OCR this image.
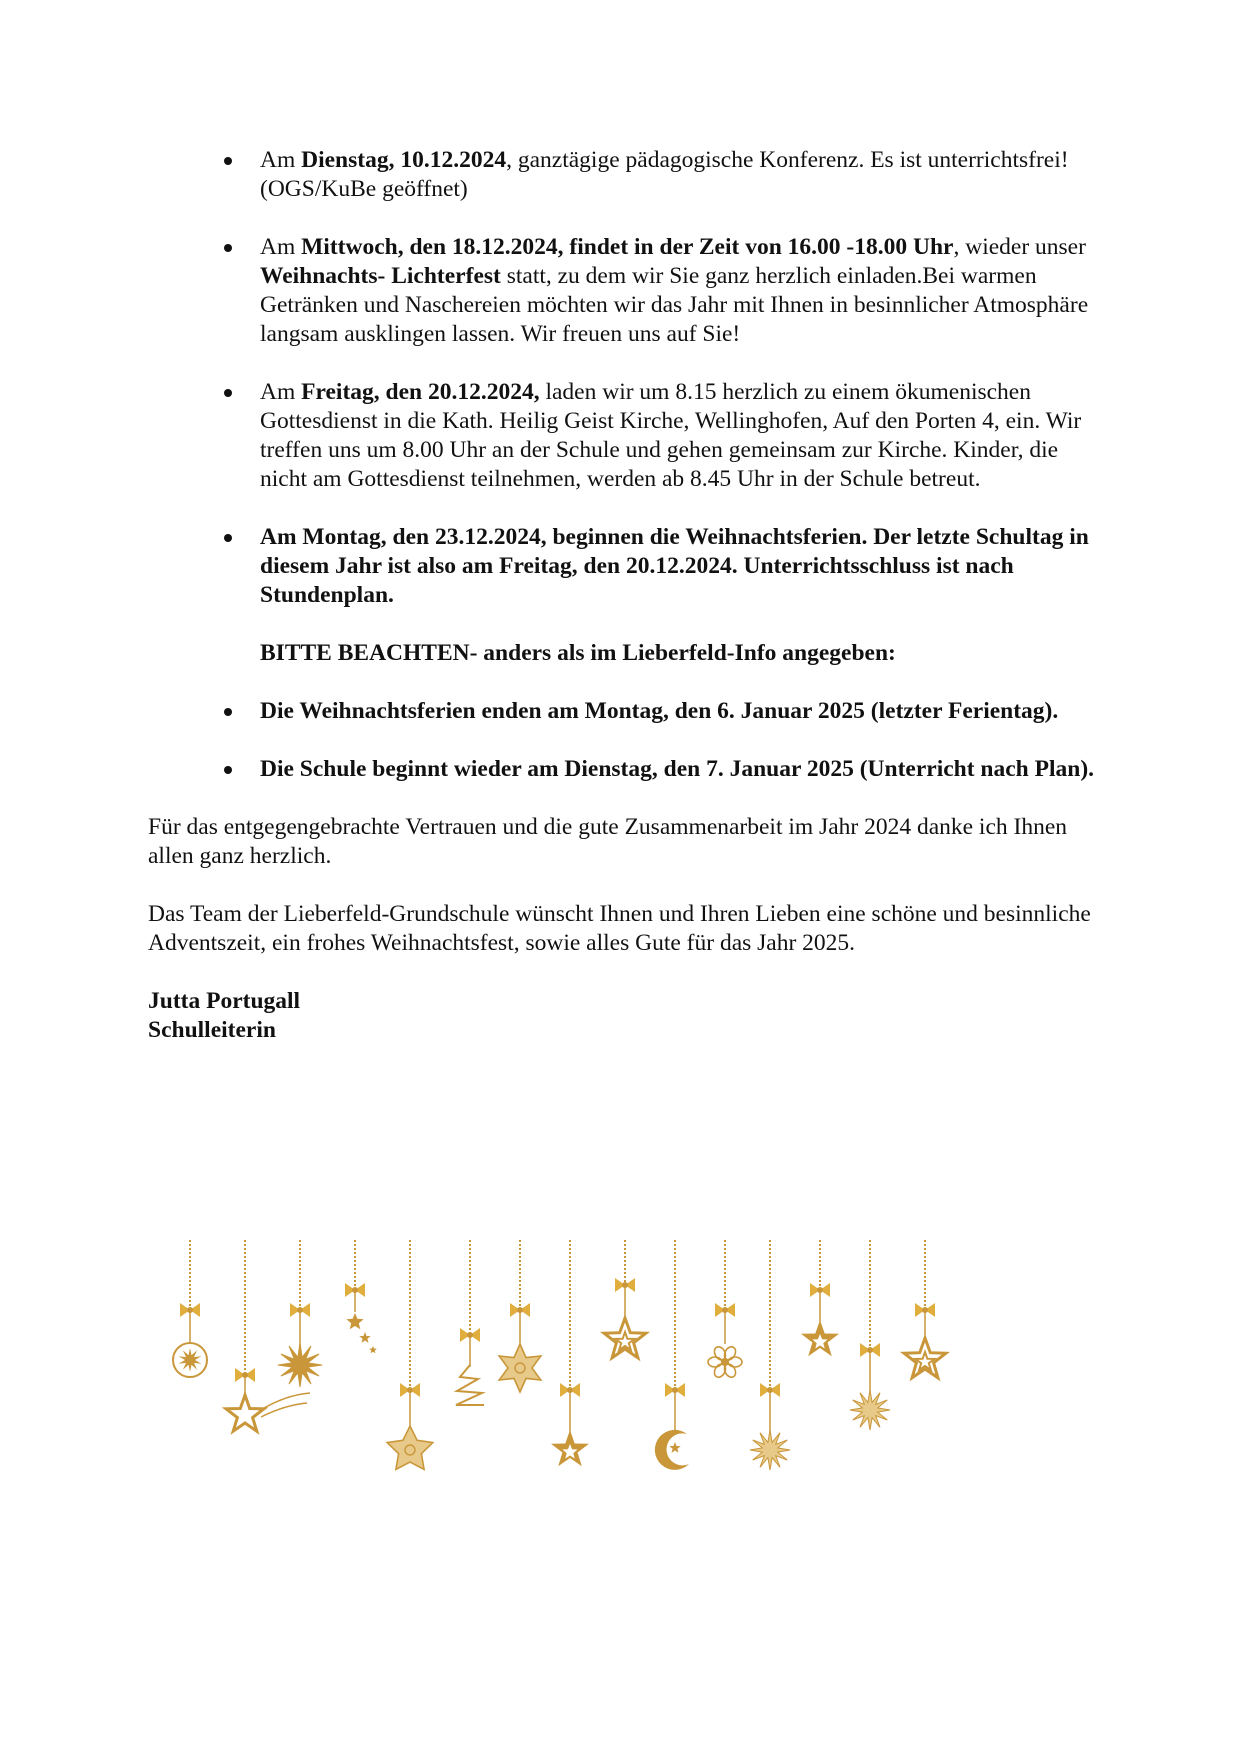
Am Dienstag, 10.12.2024, ganztägige pädagogische Konferenz. Es ist unterrichtsfrei! (OGS/KuBe geöffnet)
Am Mittwoch, den 18.12.2024, findet in der Zeit von 16.00 -18.00 Uhr, wieder unser Weihnachts- Lichterfest statt, zu dem wir Sie ganz herzlich einladen.Bei warmen Getränken und Naschereien möchten wir das Jahr mit Ihnen in besinnlicher Atmosphäre langsam ausklingen lassen. Wir freuen uns auf Sie!
Am Freitag, den 20.12.2024, laden wir um 8.15 herzlich zu einem ökumenischen Gottesdienst in die Kath. Heilig Geist Kirche, Wellinghofen, Auf den Porten 4, ein. Wir treffen uns um 8.00 Uhr an der Schule und gehen gemeinsam zur Kirche. Kinder, die nicht am Gottesdienst teilnehmen, werden ab 8.45 Uhr in der Schule betreut.
Am Montag, den 23.12.2024, beginnen die Weihnachtsferien. Der letzte Schultag in diesem Jahr ist also am Freitag, den 20.12.2024. Unterrichtsschluss ist nach Stundenplan.
BITTE BEACHTEN- anders als im Lieberfeld-Info angegeben:
Die Weihnachtsferien enden am Montag, den 6. Januar 2025 (letzter Ferientag).
Die Schule beginnt wieder am Dienstag, den 7. Januar 2025 (Unterricht nach Plan).

Für das entgegengebrachte Vertrauen und die gute Zusammenarbeit im Jahr 2024 danke ich Ihnen allen ganz herzlich.

Das Team der Lieberfeld-Grundschule wünscht Ihnen und Ihren Lieben eine schöne und besinnliche Adventszeit, ein frohes Weihnachtsfest, sowie alles Gute für das Jahr 2025.

Jutta Portugall
Schulleiterin
